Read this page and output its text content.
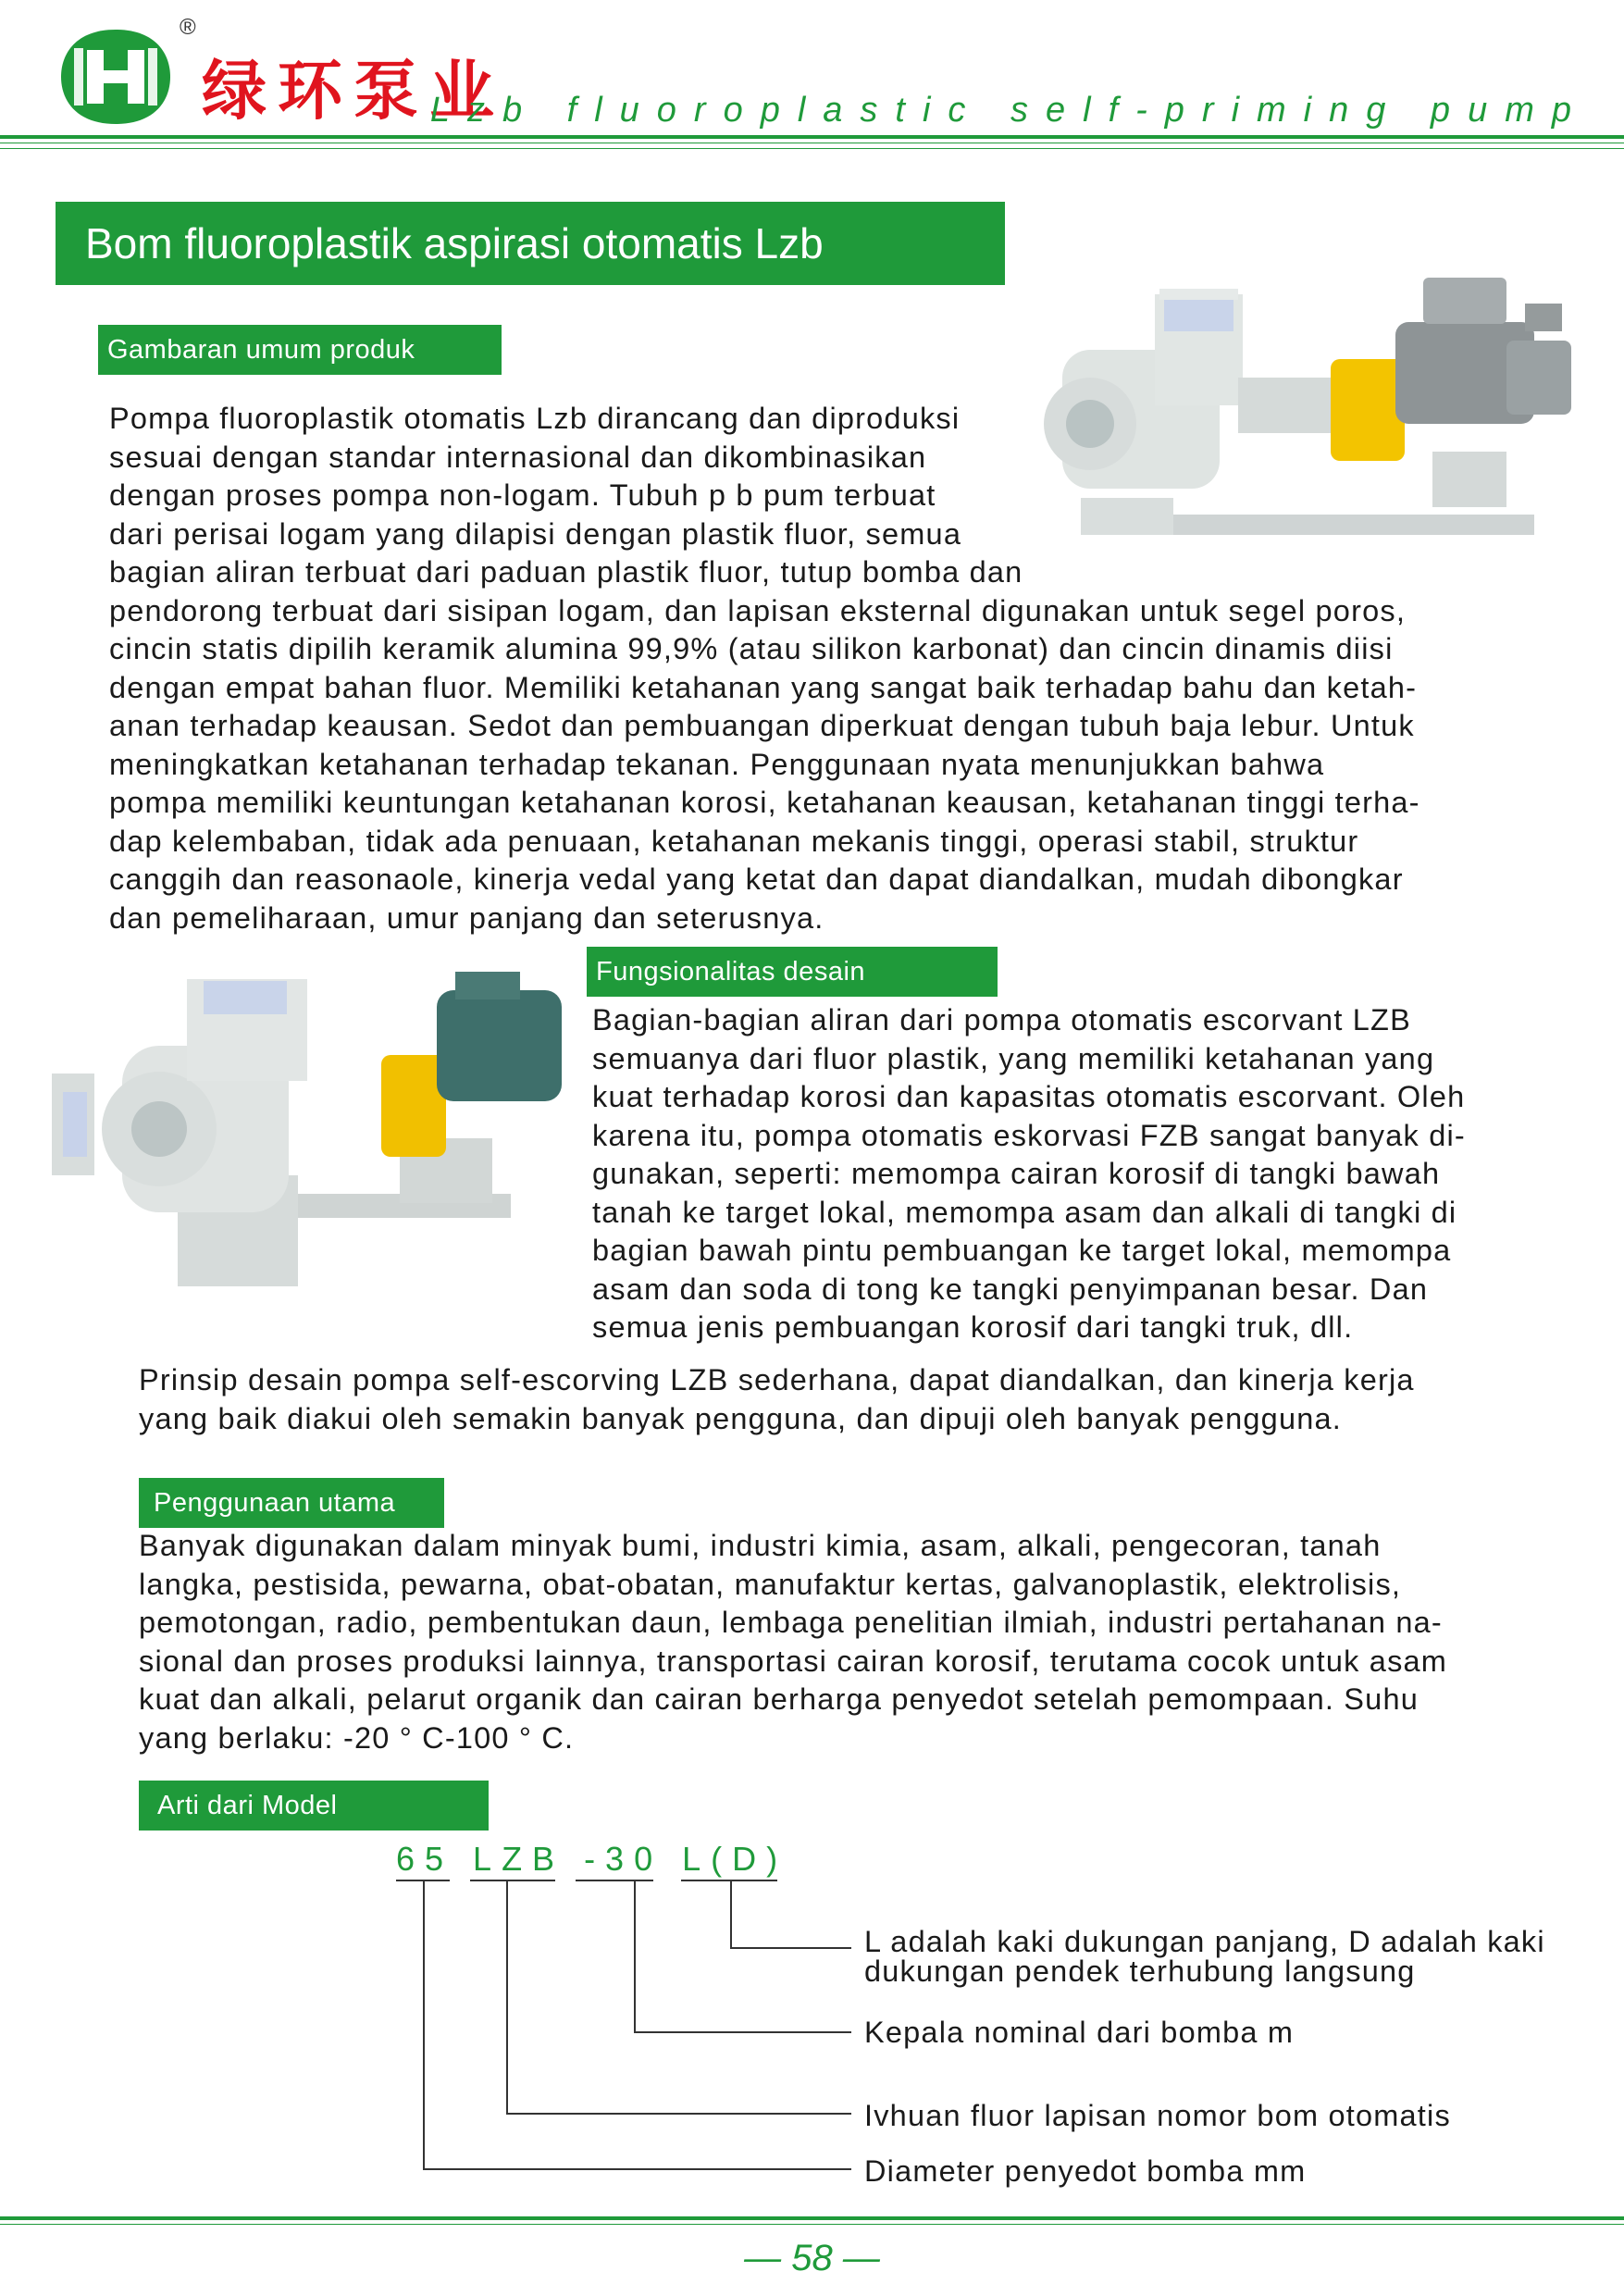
®
绿环泵业
Lzb fluoroplastic self-priming pump
Bom fluoroplastik aspirasi otomatis Lzb
Gambaran umum produk
Pompa fluoroplastik otomatis Lzb dirancang dan diproduksi
sesuai dengan standar internasional dan dikombinasikan
dengan proses pompa non-logam. Tubuh p b pum terbuat
dari perisai logam yang dilapisi dengan plastik fluor, semua
bagian aliran terbuat dari paduan plastik fluor, tutup bomba dan
pendorong terbuat dari sisipan logam, dan lapisan eksternal digunakan untuk segel poros,
cincin statis dipilih keramik alumina 99,9% (atau silikon karbonat) dan cincin dinamis diisi
dengan empat bahan fluor. Memiliki ketahanan yang sangat baik terhadap bahu dan ketah-
anan terhadap keausan. Sedot dan pembuangan diperkuat dengan tubuh baja lebur. Untuk
meningkatkan ketahanan terhadap tekanan. Penggunaan nyata menunjukkan bahwa
pompa memiliki keuntungan ketahanan korosi, ketahanan keausan, ketahanan tinggi terha-
dap kelembaban, tidak ada penuaan, ketahanan mekanis tinggi, operasi stabil, struktur
canggih dan reasonaole, kinerja vedal yang ketat dan dapat diandalkan, mudah dibongkar
dan pemeliharaan, umur panjang dan seterusnya.
Fungsionalitas desain
Bagian-bagian aliran dari pompa otomatis escorvant LZB
semuanya dari fluor plastik, yang memiliki ketahanan yang
kuat terhadap korosi dan kapasitas otomatis escorvant. Oleh
karena itu, pompa otomatis eskorvasi FZB sangat banyak di-
gunakan, seperti: memompa cairan korosif di tangki bawah
tanah ke target lokal, memompa asam dan alkali di tangki di
bagian bawah pintu pembuangan ke target lokal, memompa
asam dan soda di tong ke tangki penyimpanan besar. Dan
semua jenis pembuangan korosif dari tangki truk, dll.
Prinsip desain pompa self-escorving LZB sederhana, dapat diandalkan, dan kinerja kerja
yang baik diakui oleh semakin banyak pengguna, dan dipuji oleh banyak pengguna.
Penggunaan utama
Banyak digunakan dalam minyak bumi, industri kimia, asam, alkali, pengecoran, tanah
langka, pestisida, pewarna, obat-obatan, manufaktur kertas, galvanoplastik, elektrolisis,
pemotongan, radio, pembentukan daun, lembaga penelitian ilmiah, industri pertahanan na-
sional dan proses produksi lainnya, transportasi cairan korosif, terutama cocok untuk asam
kuat dan alkali, pelarut organik dan cairan berharga penyedot setelah pemompaan. Suhu
yang berlaku: -20 ° C-100 ° C.
Arti dari Model
65 LZB -30 L(D)
L adalah kaki dukungan panjang, D adalah kaki
dukungan pendek terhubung langsung
Kepala nominal dari bomba m
Ivhuan fluor lapisan nomor bom otomatis
Diameter penyedot bomba mm
— 58 —
